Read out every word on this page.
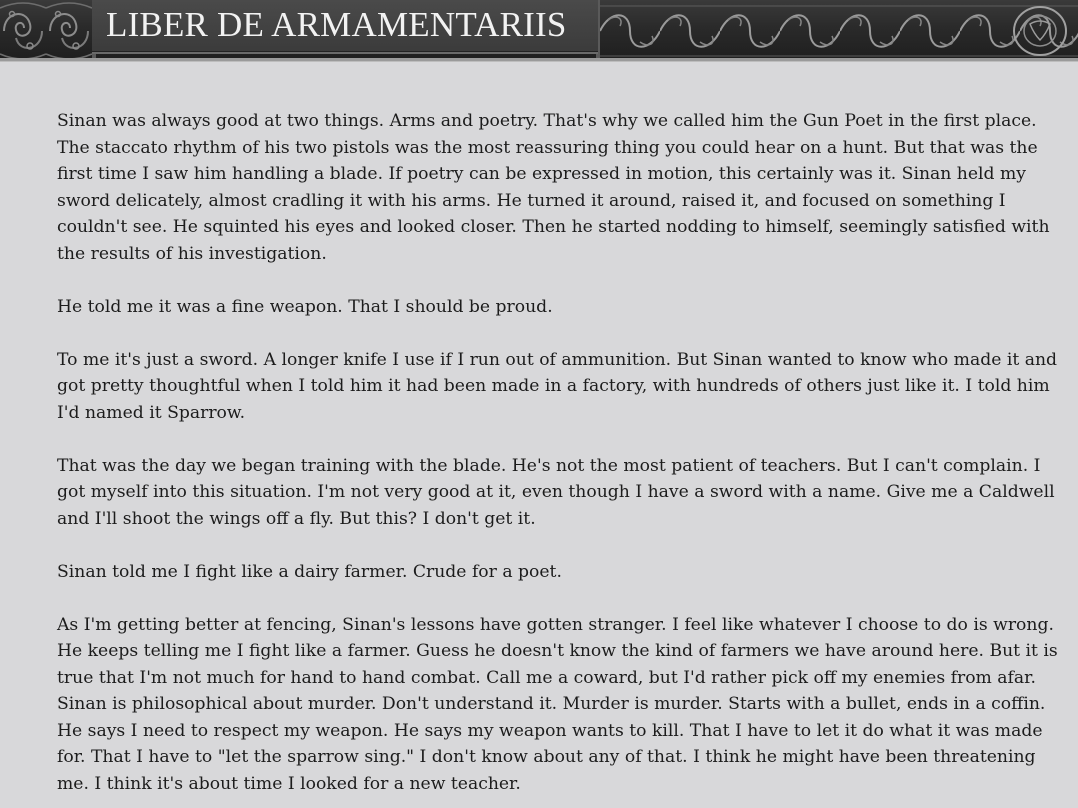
LIBER DE ARMAMENTARIIS

Sinan was always good at two things. Arms and poetry. That's why we called him the Gun Poet in the first place. The staccato rhythm of his two pistols was the most reassuring thing you could hear on a hunt. But that was the first time I saw him handling a blade. If poetry can be expressed in motion, this certainly was it. Sinan held my sword delicately, almost cradling it with his arms. He turned it around, raised it, and focused on something I couldn't see. He squinted his eyes and looked closer. Then he started nodding to himself, seemingly satisfied with the results of his investigation.

He told me it was a fine weapon. That I should be proud.

To me it's just a sword. A longer knife I use if I run out of ammunition. But Sinan wanted to know who made it and got pretty thoughtful when I told him it had been made in a factory, with hundreds of others just like it. I told him I'd named it Sparrow.

That was the day we began training with the blade. He's not the most patient of teachers. But I can't complain. I got myself into this situation. I'm not very good at it, even though I have a sword with a name. Give me a Caldwell and I'll shoot the wings off a fly. But this? I don't get it.

Sinan told me I fight like a dairy farmer. Crude for a poet.

As I'm getting better at fencing, Sinan's lessons have gotten stranger. I feel like whatever I choose to do is wrong. He keeps telling me I fight like a farmer. Guess he doesn't know the kind of farmers we have around here. But it is true that I'm not much for hand to hand combat. Call me a coward, but I'd rather pick off my enemies from afar. Sinan is philosophical about murder. Don't understand it. Murder is murder. Starts with a bullet, ends in a coffin. He says I need to respect my weapon. He says my weapon wants to kill. That I have to let it do what it was made for. That I have to "let the sparrow sing." I don't know about any of that. I think he might have been threatening me. I think it's about time I looked for a new teacher.
